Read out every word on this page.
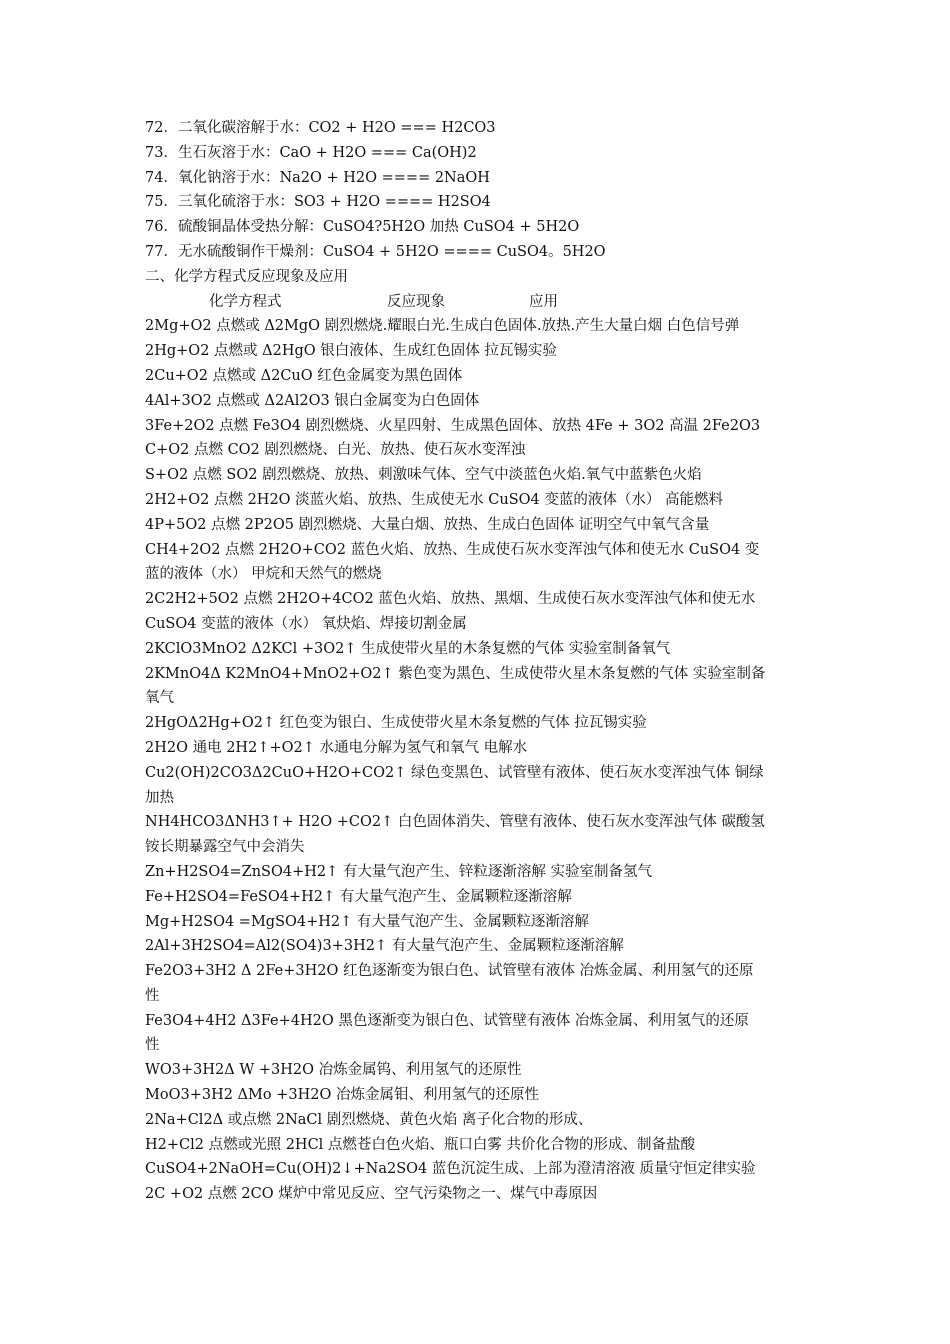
72．二氧化碳溶解于水：CO2 + H2O === H2CO3
73．生石灰溶于水：CaO + H2O === Ca(OH)2
74．氧化钠溶于水：Na2O + H2O ==== 2NaOH
75．三氧化硫溶于水：SO3 + H2O ==== H2SO4
76．硫酸铜晶体受热分解：CuSO4?5H2O 加热 CuSO4 + 5H2O
77．无水硫酸铜作干燥剂：CuSO4 + 5H2O ==== CuSO4。5H2O
二、化学方程式反应现象及应用
化学方程式	反应现象	应用
2Mg+O2 点燃或 Δ2MgO 剧烈燃烧.耀眼白光.生成白色固体.放热.产生大量白烟 白色信号弹
2Hg+O2 点燃或 Δ2HgO 银白液体、生成红色固体 拉瓦锡实验
2Cu+O2 点燃或 Δ2CuO 红色金属变为黑色固体
4Al+3O2 点燃或 Δ2Al2O3 银白金属变为白色固体
3Fe+2O2 点燃 Fe3O4 剧烈燃烧、火星四射、生成黑色固体、放热 4Fe + 3O2 高温 2Fe2O3
C+O2 点燃 CO2 剧烈燃烧、白光、放热、使石灰水变浑浊
S+O2 点燃 SO2 剧烈燃烧、放热、刺激味气体、空气中淡蓝色火焰.氧气中蓝紫色火焰
2H2+O2 点燃 2H2O 淡蓝火焰、放热、生成使无水 CuSO4 变蓝的液体（水） 高能燃料
4P+5O2 点燃 2P2O5 剧烈燃烧、大量白烟、放热、生成白色固体 证明空气中氧气含量
CH4+2O2 点燃 2H2O+CO2 蓝色火焰、放热、生成使石灰水变浑浊气体和使无水 CuSO4 变
蓝的液体（水） 甲烷和天然气的燃烧
2C2H2+5O2 点燃 2H2O+4CO2 蓝色火焰、放热、黑烟、生成使石灰水变浑浊气体和使无水
CuSO4 变蓝的液体（水） 氧炔焰、焊接切割金属
2KClO3MnO2 Δ2KCl +3O2↑ 生成使带火星的木条复燃的气体 实验室制备氧气
2KMnO4Δ K2MnO4+MnO2+O2↑ 紫色变为黑色、生成使带火星木条复燃的气体 实验室制备
氧气
2HgOΔ2Hg+O2↑ 红色变为银白、生成使带火星木条复燃的气体 拉瓦锡实验
2H2O 通电 2H2↑+O2↑ 水通电分解为氢气和氧气 电解水
Cu2(OH)2CO3Δ2CuO+H2O+CO2↑ 绿色变黑色、试管壁有液体、使石灰水变浑浊气体 铜绿
加热
NH4HCO3ΔNH3↑+ H2O +CO2↑ 白色固体消失、管壁有液体、使石灰水变浑浊气体 碳酸氢
铵长期暴露空气中会消失
Zn+H2SO4=ZnSO4+H2↑ 有大量气泡产生、锌粒逐渐溶解 实验室制备氢气
Fe+H2SO4=FeSO4+H2↑ 有大量气泡产生、金属颗粒逐渐溶解
Mg+H2SO4 =MgSO4+H2↑ 有大量气泡产生、金属颗粒逐渐溶解
2Al+3H2SO4=Al2(SO4)3+3H2↑ 有大量气泡产生、金属颗粒逐渐溶解
Fe2O3+3H2 Δ 2Fe+3H2O 红色逐渐变为银白色、试管壁有液体 冶炼金属、利用氢气的还原
性
Fe3O4+4H2 Δ3Fe+4H2O 黑色逐渐变为银白色、试管壁有液体 冶炼金属、利用氢气的还原
性
WO3+3H2Δ W +3H2O 冶炼金属钨、利用氢气的还原性
MoO3+3H2 ΔMo +3H2O 冶炼金属钼、利用氢气的还原性
2Na+Cl2Δ 或点燃 2NaCl 剧烈燃烧、黄色火焰 离子化合物的形成、
H2+Cl2 点燃或光照 2HCl 点燃苍白色火焰、瓶口白雾 共价化合物的形成、制备盐酸
CuSO4+2NaOH=Cu(OH)2↓+Na2SO4 蓝色沉淀生成、上部为澄清溶液 质量守恒定律实验
2C +O2 点燃 2CO 煤炉中常见反应、空气污染物之一、煤气中毒原因
